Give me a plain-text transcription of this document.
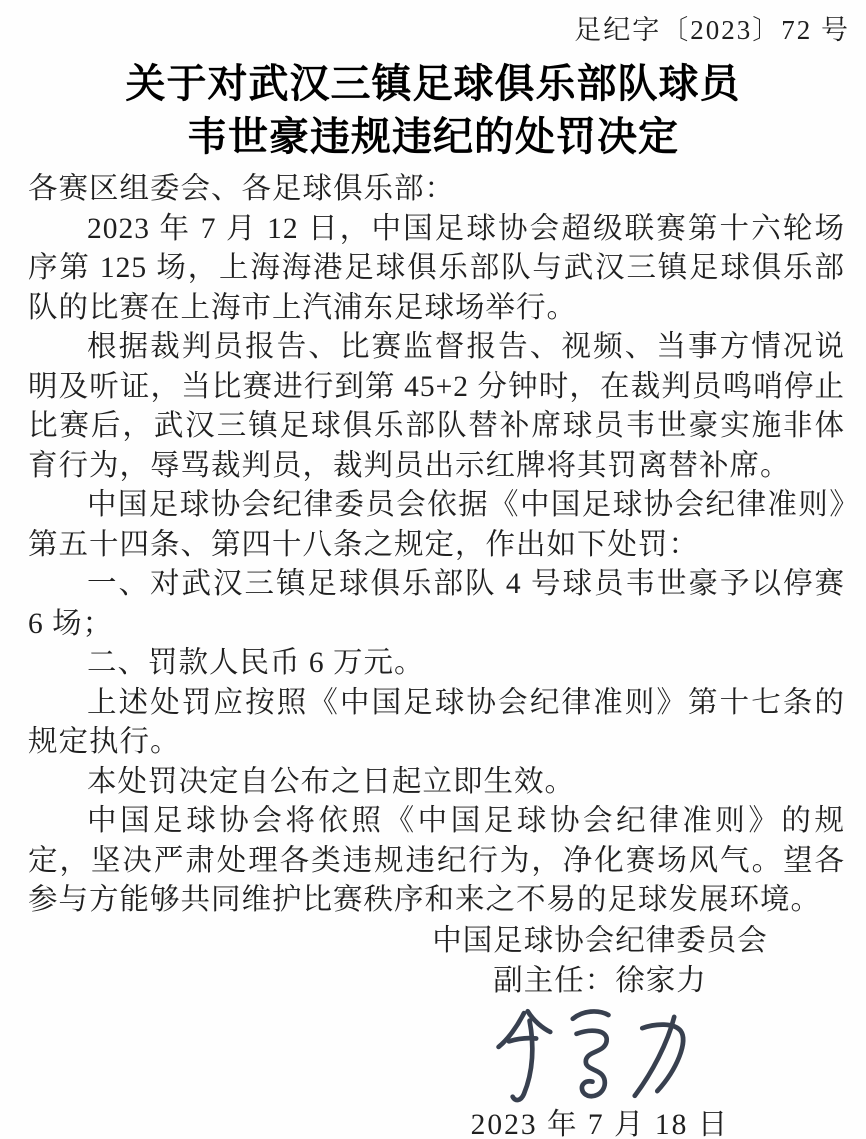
足纪字〔2023〕72 号
关于对武汉三镇足球俱乐部队球员
韦世豪违规违纪的处罚决定
各赛区组委会、各足球俱乐部：

2023 年 7 月 12 日，中国足球协会超级联赛第十六轮场序第 125 场，上海海港足球俱乐部队与武汉三镇足球俱乐部队的比赛在上海市上汽浦东足球场举行。

根据裁判员报告、比赛监督报告、视频、当事方情况说明及听证，当比赛进行到第 45+2 分钟时，在裁判员鸣哨停止比赛后，武汉三镇足球俱乐部队替补席球员韦世豪实施非体育行为，辱骂裁判员，裁判员出示红牌将其罚离替补席。

中国足球协会纪律委员会依据《中国足球协会纪律准则》第五十四条、第四十八条之规定，作出如下处罚：

一、对武汉三镇足球俱乐部队 4 号球员韦世豪予以停赛 6 场；

二、罚款人民币 6 万元。

上述处罚应按照《中国足球协会纪律准则》第十七条的规定执行。

本处罚决定自公布之日起立即生效。

中国足球协会将依照《中国足球协会纪律准则》的规定，坚决严肃处理各类违规违纪行为，净化赛场风气。望各参与方能够共同维护比赛秩序和来之不易的足球发展环境。

中国足球协会纪律委员会
副主任：徐家力
2023 年 7 月 18 日
